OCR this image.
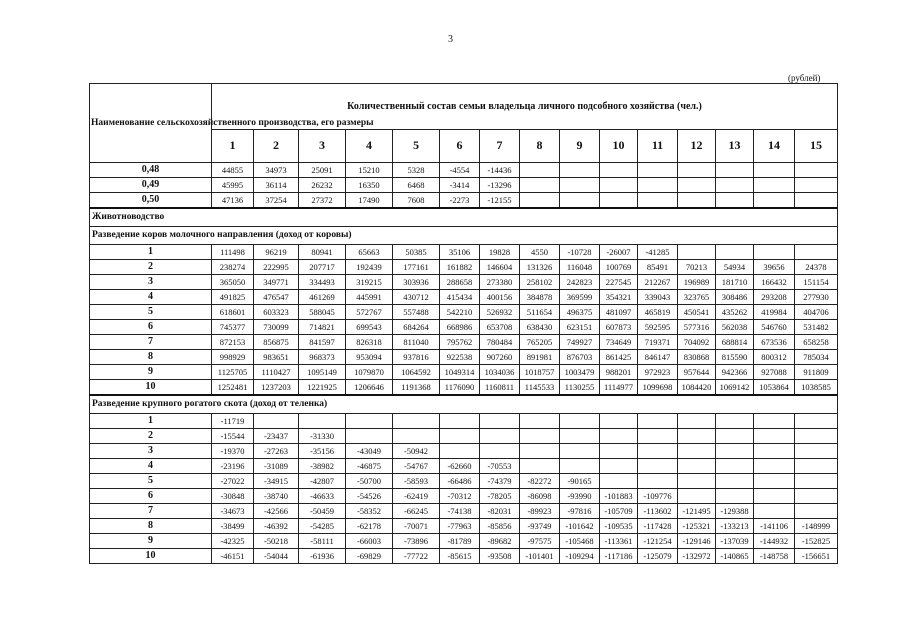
3
(рублей)
Наименование сельскохозяйственного производства, его размеры	Количественный состав семьи владельца личного подсобного хозяйства (чел.)														
	1	2	3	4	5	6	7	8	9	10	11	12	13	14	15
0,48	44855	34973	25091	15210	5328	-4554	-14436								
0,49	45995	36114	26232	16350	6468	-3414	-13296								
0,50	47136	37254	27372	17490	7608	-2273	-12155								
Животноводство															
Разведение коров молочного направления (доход от коровы)															
1	111498	96219	80941	65663	50385	35106	19828	4550	-10728	-26007	-41285				
2	238274	222995	207717	192439	177161	161882	146604	131326	116048	100769	85491	70213	54934	39656	24378
3	365050	349771	334493	319215	303936	288658	273380	258102	242823	227545	212267	196989	181710	166432	151154
4	491825	476547	461269	445991	430712	415434	400156	384878	369599	354321	339043	323765	308486	293208	277930
5	618601	603323	588045	572767	557488	542210	526932	511654	496375	481097	465819	450541	435262	419984	404706
6	745377	730099	714821	699543	684264	668986	653708	638430	623151	607873	592595	577316	562038	546760	531482
7	872153	856875	841597	826318	811040	795762	780484	765205	749927	734649	719371	704092	688814	673536	658258
8	998929	983651	968373	953094	937816	922538	907260	891981	876703	861425	846147	830868	815590	800312	785034
9	1125705	1110427	1095149	1079870	1064592	1049314	1034036	1018757	1003479	988201	972923	957644	942366	927088	911809
10	1252481	1237203	1221925	1206646	1191368	1176090	1160811	1145533	1130255	1114977	1099698	1084420	1069142	1053864	1038585
Разведение крупного рогатого скота (доход от теленка)															
1	-11719														
2	-15544	-23437	-31330												
3	-19370	-27263	-35156	-43049	-50942										
4	-23196	-31089	-38982	-46875	-54767	-62660	-70553								
5	-27022	-34915	-42807	-50700	-58593	-66486	-74379	-82272	-90165						
6	-30848	-38740	-46633	-54526	-62419	-70312	-78205	-86098	-93990	-101883	-109776				
7	-34673	-42566	-50459	-58352	-66245	-74138	-82031	-89923	-97816	-105709	-113602	-121495	-129388		
8	-38499	-46392	-54285	-62178	-70071	-77963	-85856	-93749	-101642	-109535	-117428	-125321	-133213	-141106	-148999
9	-42325	-50218	-58111	-66003	-73896	-81789	-89682	-97575	-105468	-113361	-121254	-129146	-137039	-144932	-152825
10	-46151	-54044	-61936	-69829	-77722	-85615	-93508	-101401	-109294	-117186	-125079	-132972	-140865	-148758	-156651
